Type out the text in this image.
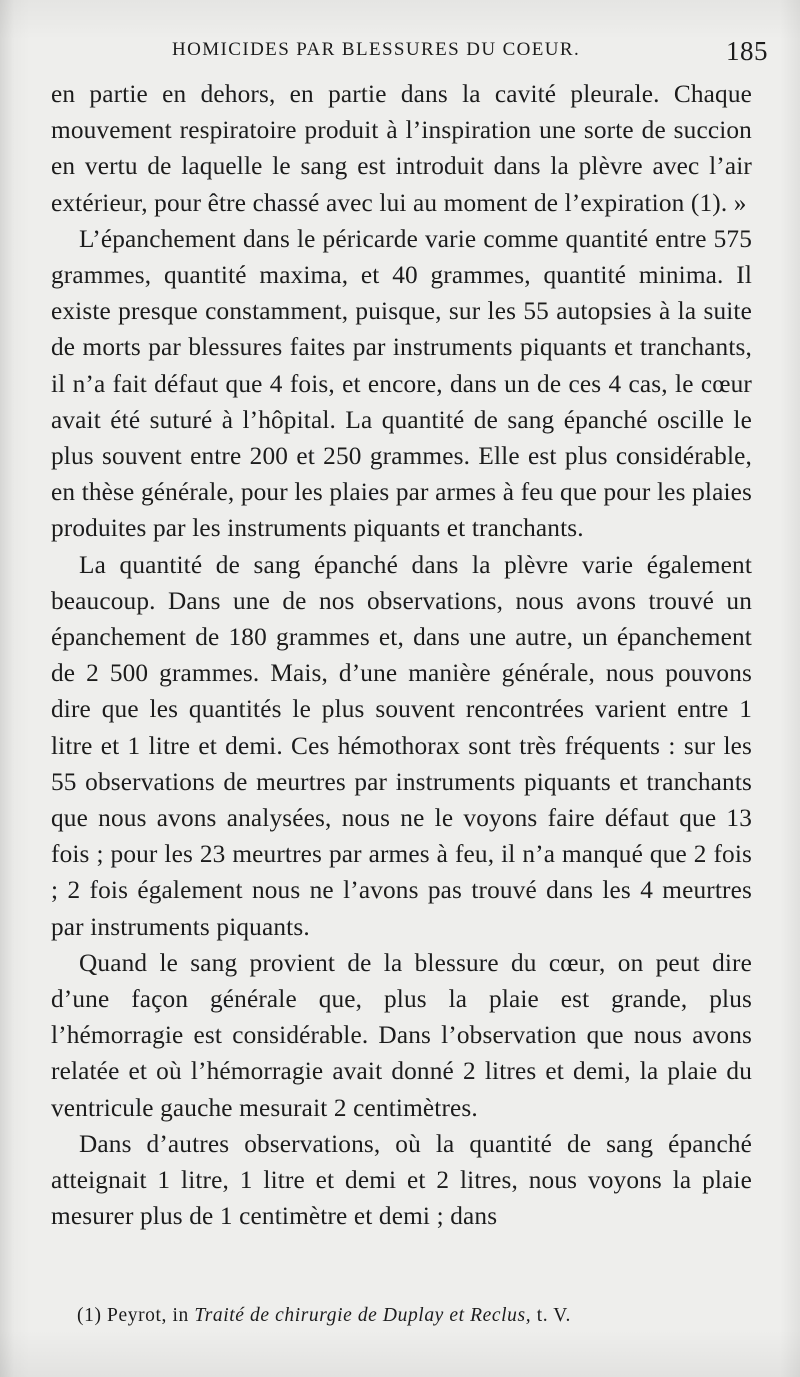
HOMICIDES PAR BLESSURES DU COEUR.	185

en partie en dehors, en partie dans la cavité pleurale. Chaque mouvement respiratoire produit à l’inspiration une sorte de succion en vertu de laquelle le sang est introduit dans la plèvre avec l’air extérieur, pour être chassé avec lui au moment de l’expiration (1). »

L’épanchement dans le péricarde varie comme quantité entre 575 grammes, quantité maxima, et 40 grammes, quantité minima. Il existe presque constamment, puisque, sur les 55 autopsies à la suite de morts par blessures faites par instruments piquants et tranchants, il n’a fait défaut que 4 fois, et encore, dans un de ces 4 cas, le cœur avait été suturé à l’hôpital. La quantité de sang épanché oscille le plus souvent entre 200 et 250 grammes. Elle est plus considérable, en thèse générale, pour les plaies par armes à feu que pour les plaies produites par les instruments piquants et tranchants.

La quantité de sang épanché dans la plèvre varie également beaucoup. Dans une de nos observations, nous avons trouvé un épanchement de 180 grammes et, dans une autre, un épanchement de 2 500 grammes. Mais, d’une manière générale, nous pouvons dire que les quantités le plus souvent rencontrées varient entre 1 litre et 1 litre et demi. Ces hémothorax sont très fréquents : sur les 55 observations de meurtres par instruments piquants et tranchants que nous avons analysées, nous ne le voyons faire défaut que 13 fois ; pour les 23 meurtres par armes à feu, il n’a manqué que 2 fois ; 2 fois également nous ne l’avons pas trouvé dans les 4 meurtres par instruments piquants.

Quand le sang provient de la blessure du cœur, on peut dire d’une façon générale que, plus la plaie est grande, plus l’hémorragie est considérable. Dans l’observation que nous avons relatée et où l’hémorragie avait donné 2 litres et demi, la plaie du ventricule gauche mesurait 2 centimètres.

Dans d’autres observations, où la quantité de sang épanché atteignait 1 litre, 1 litre et demi et 2 litres, nous voyons la plaie mesurer plus de 1 centimètre et demi ; dans

(1) Peyrot, in Traité de chirurgie de Duplay et Reclus, t. V.
